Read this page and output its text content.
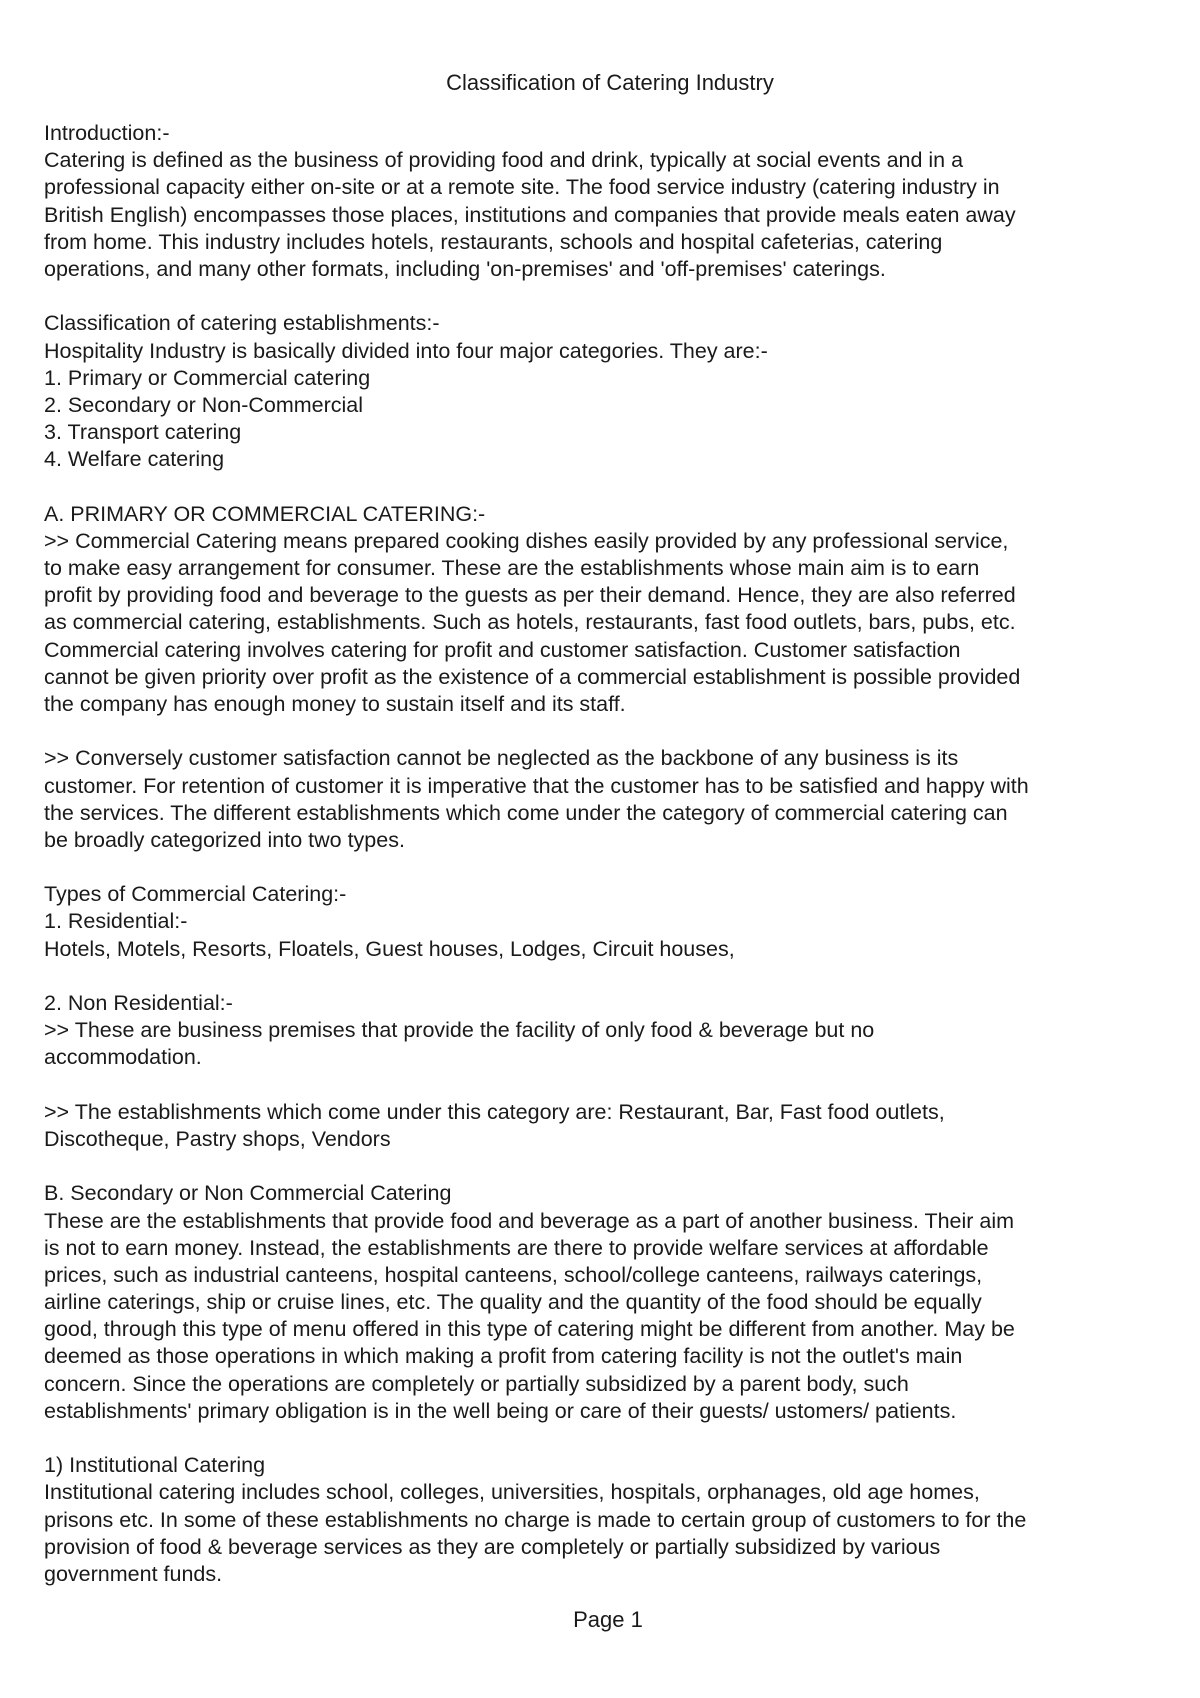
Classification of Catering Industry
Introduction:-
Catering is defined as the business of providing food and drink, typically at social events and in a
professional capacity either on-site or at a remote site. The food service industry (catering industry in
British English) encompasses those places, institutions and companies that provide meals eaten away
from home. This industry includes hotels, restaurants, schools and hospital cafeterias, catering
operations, and many other formats, including 'on-premises' and 'off-premises' caterings.
Classification of catering establishments:-
Hospitality Industry is basically divided into four major categories. They are:-
1. Primary or Commercial catering
2. Secondary or Non-Commercial
3. Transport catering
4. Welfare catering
A. PRIMARY OR COMMERCIAL CATERING:-
>> Commercial Catering means prepared cooking dishes easily provided by any professional service,
to make easy arrangement for consumer. These are the establishments whose main aim is to earn
profit by providing food and beverage to the guests as per their demand. Hence, they are also referred
as commercial catering, establishments. Such as hotels, restaurants, fast food outlets, bars, pubs, etc.
Commercial catering involves catering for profit and customer satisfaction. Customer satisfaction
cannot be given priority over profit as the existence of a commercial establishment is possible provided
the company has enough money to sustain itself and its staff.
>> Conversely customer satisfaction cannot be neglected as the backbone of any business is its
customer. For retention of customer it is imperative that the customer has to be satisfied and happy with
the services. The different establishments which come under the category of commercial catering can
be broadly categorized into two types.
Types of Commercial Catering:-
1. Residential:-
Hotels, Motels, Resorts, Floatels, Guest houses, Lodges, Circuit houses,
2. Non Residential:-
>> These are business premises that provide the facility of only food & beverage but no
accommodation.
>> The establishments which come under this category are: Restaurant, Bar, Fast food outlets,
Discotheque, Pastry shops, Vendors
B. Secondary or Non Commercial Catering
These are the establishments that provide food and beverage as a part of another business. Their aim
is not to earn money. Instead, the establishments are there to provide welfare services at affordable
prices, such as industrial canteens, hospital canteens, school/college canteens, railways caterings,
airline caterings, ship or cruise lines, etc. The quality and the quantity of the food should be equally
good, through this type of menu offered in this type of catering might be different from another. May be
deemed as those operations in which making a profit from catering facility is not the outlet's main
concern. Since the operations are completely or partially subsidized by a parent body, such
establishments' primary obligation is in the well being or care of their guests/ ustomers/ patients.
1) Institutional Catering
Institutional catering includes school, colleges, universities, hospitals, orphanages, old age homes,
prisons etc. In some of these establishments no charge is made to certain group of customers to for the
provision of food & beverage services as they are completely or partially subsidized by various
government funds.
Page 1
